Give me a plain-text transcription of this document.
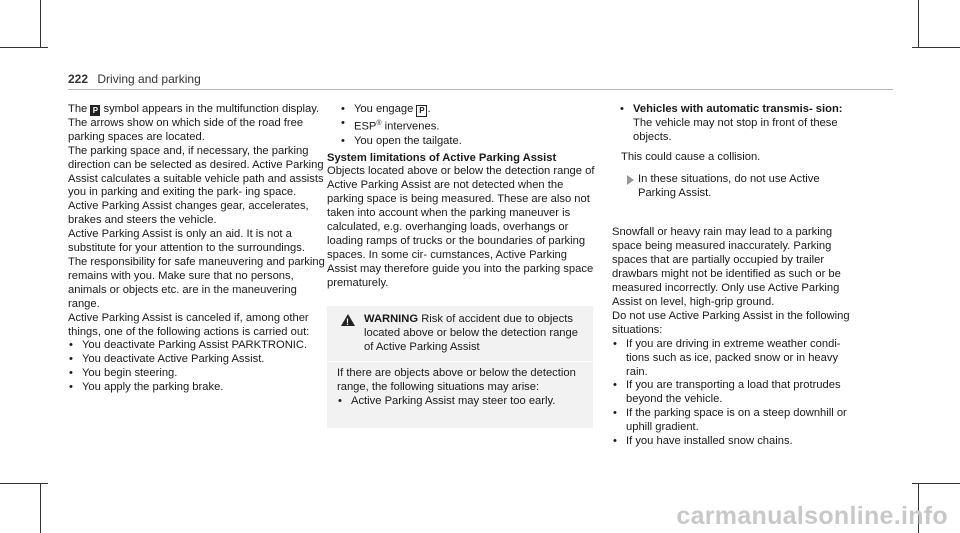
222 Driving and parking

The P symbol appears in the multifunction display. The arrows show on which side of the road free parking spaces are located.

The parking space and, if necessary, the parking direction can be selected as desired. Active Parking Assist calculates a suitable vehicle path and assists you in parking and exiting the park- ing space.

Active Parking Assist changes gear, accelerates, brakes and steers the vehicle.

Active Parking Assist is only an aid. It is not a substitute for your attention to the surroundings. The responsibility for safe maneuvering and parking remains with you. Make sure that no persons, animals or objects etc. are in the maneuvering range.

Active Parking Assist is canceled if, among other things, one of the following actions is carried out:

• You deactivate Parking Assist PARKTRONIC.

• You deactivate Active Parking Assist.

• You begin steering.

• You apply the parking brake.

• You engage P .

• ESP® intervenes.

• You open the tailgate.

System limitations of Active Parking Assist

Objects located above or below the detection range of Active Parking Assist are not detected when the parking space is being measured. These are also not taken into account when the parking maneuver is calculated, e.g. overhanging loads, overhangs or loading ramps of trucks or the boundaries of parking spaces. In some cir- cumstances, Active Parking Assist may therefore guide you into the parking space prematurely.

!
WARNING Risk of accident due to objects located above or below the detection range of Active Parking Assist

If there are objects above or below the detection range, the following situations may arise:

• Active Parking Assist may steer too early.

• Vehicles with automatic transmis- sion: The vehicle may not stop in front of these objects.

This could cause a collision.

In these situations, do not use Active Parking Assist.

Snowfall or heavy rain may lead to a parking space being measured inaccurately. Parking spaces that are partially occupied by trailer drawbars might not be identified as such or be measured incorrectly. Only use Active Parking Assist on level, high-grip ground.

Do not use Active Parking Assist in the following situations:

• If you are driving in extreme weather condi- tions such as ice, packed snow or in heavy rain.

• If you are transporting a load that protrudes beyond the vehicle.

• If the parking space is on a steep downhill or uphill gradient.

• If you have installed snow chains.

carmanualsonline.info
